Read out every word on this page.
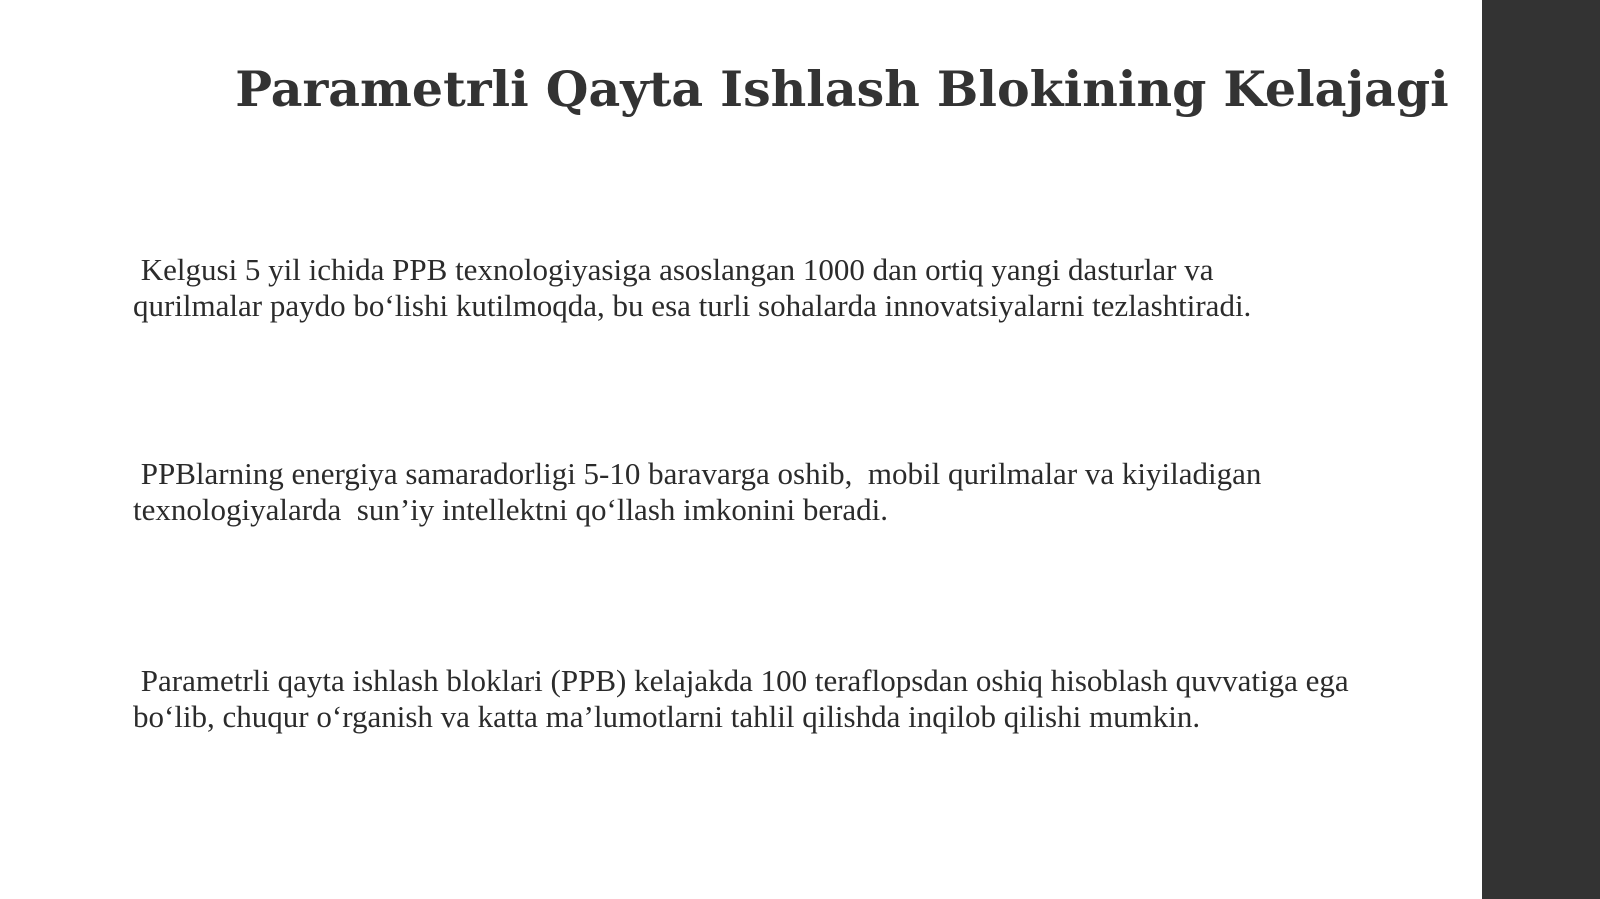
Parametrli Qayta Ishlash Blokining Kelajagi

Kelgusi 5 yil ichida PPB texnologiyasiga asoslangan 1000 dan ortiq yangi dasturlar va
qurilmalar paydo bo‘lishi kutilmoqda, bu esa turli sohalarda innovatsiyalarni tezlashtiradi.

PPBlarning energiya samaradorligi 5-10 baravarga oshib,  mobil qurilmalar va kiyiladigan
texnologiyalarda  sun’iy intellektni qo‘llash imkonini beradi.

Parametrli qayta ishlash bloklari (PPB) kelajakda 100 teraflopsdan oshiq hisoblash quvvatiga ega
bo‘lib, chuqur o‘rganish va katta ma’lumotlarni tahlil qilishda inqilob qilishi mumkin.
